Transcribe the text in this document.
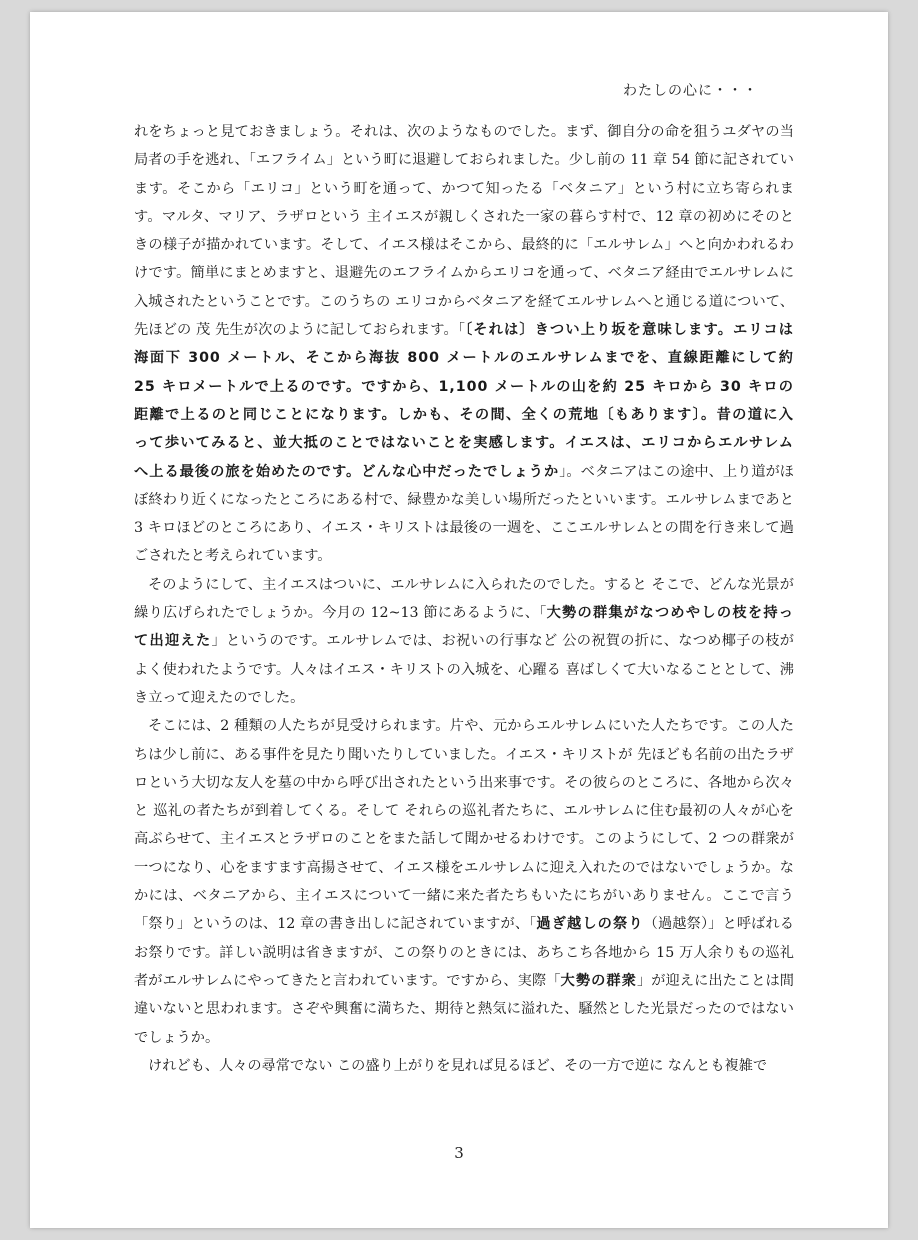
わたしの心に・・・

れをちょっと見ておきましょう。それは、次のようなものでした。まず、御自分の命を狙うユダヤの当局者の手を逃れ、「エフライム」という町に退避しておられました。少し前の 11 章 54 節に記されています。そこから「エリコ」という町を通って、かつて知ったる「ベタニア」という村に立ち寄られます。マルタ、マリア、ラザロという 主イエスが親しくされた一家の暮らす村で、12 章の初めにそのときの様子が描かれています。そして、イエス様はそこから、最終的に「エルサレム」へと向かわれるわけです。簡単にまとめますと、退避先のエフライムからエリコを通って、ベタニア経由でエルサレムに入城されたということです。このうちの エリコからベタニアを経てエルサレムへと通じる道について、先ほどの 茂 先生が次のように記しておられます。「〔それは〕きつい上り坂を意味します。エリコは海面下 300 メートル、そこから海抜 800 メートルのエルサレムまでを、直線距離にして約 25 キロメートルで上るのです。ですから、1,100 メートルの山を約 25 キロから 30 キロの距離で上るのと同じことになります。しかも、その間、全くの荒地〔もあります〕。昔の道に入って歩いてみると、並大抵のことではないことを実感します。イエスは、エリコからエルサレムへ上る最後の旅を始めたのです。どんな心中だったでしょうか」。ベタニアはこの途中、上り道がほぼ終わり近くになったところにある村で、緑豊かな美しい場所だったといいます。エルサレムまであと 3 キロほどのところにあり、イエス・キリストは最後の一週を、ここエルサレムとの間を行き来して過ごされたと考えられています。

そのようにして、主イエスはついに、エルサレムに入られたのでした。すると そこで、どんな光景が繰り広げられたでしょうか。今月の 12~13 節にあるように、「大勢の群集がなつめやしの枝を持って出迎えた」というのです。エルサレムでは、お祝いの行事など 公の祝賀の折に、なつめ椰子の枝がよく使われたようです。人々はイエス・キリストの入城を、心躍る 喜ばしくて大いなることとして、沸き立って迎えたのでした。

そこには、2 種類の人たちが見受けられます。片や、元からエルサレムにいた人たちです。この人たちは少し前に、ある事件を見たり聞いたりしていました。イエス・キリストが 先ほども名前の出たラザロという大切な友人を墓の中から呼び出されたという出来事です。その彼らのところに、各地から次々と 巡礼の者たちが到着してくる。そして それらの巡礼者たちに、エルサレムに住む最初の人々が心を高ぶらせて、主イエスとラザロのことをまた話して聞かせるわけです。このようにして、2 つの群衆が一つになり、心をますます高揚させて、イエス様をエルサレムに迎え入れたのではないでしょうか。なかには、ベタニアから、主イエスについて一緒に来た者たちもいたにちがいありません。ここで言う「祭り」というのは、12 章の書き出しに記されていますが、「過ぎ越しの祭り（過越祭）」と呼ばれるお祭りです。詳しい説明は省きますが、この祭りのときには、あちこち各地から 15 万人余りもの巡礼者がエルサレムにやってきたと言われています。ですから、実際「大勢の群衆」が迎えに出たことは間違いないと思われます。さぞや興奮に満ちた、期待と熱気に溢れた、騒然とした光景だったのではないでしょうか。

けれども、人々の尋常でない この盛り上がりを見れば見るほど、その一方で逆に なんとも複雑で

3
